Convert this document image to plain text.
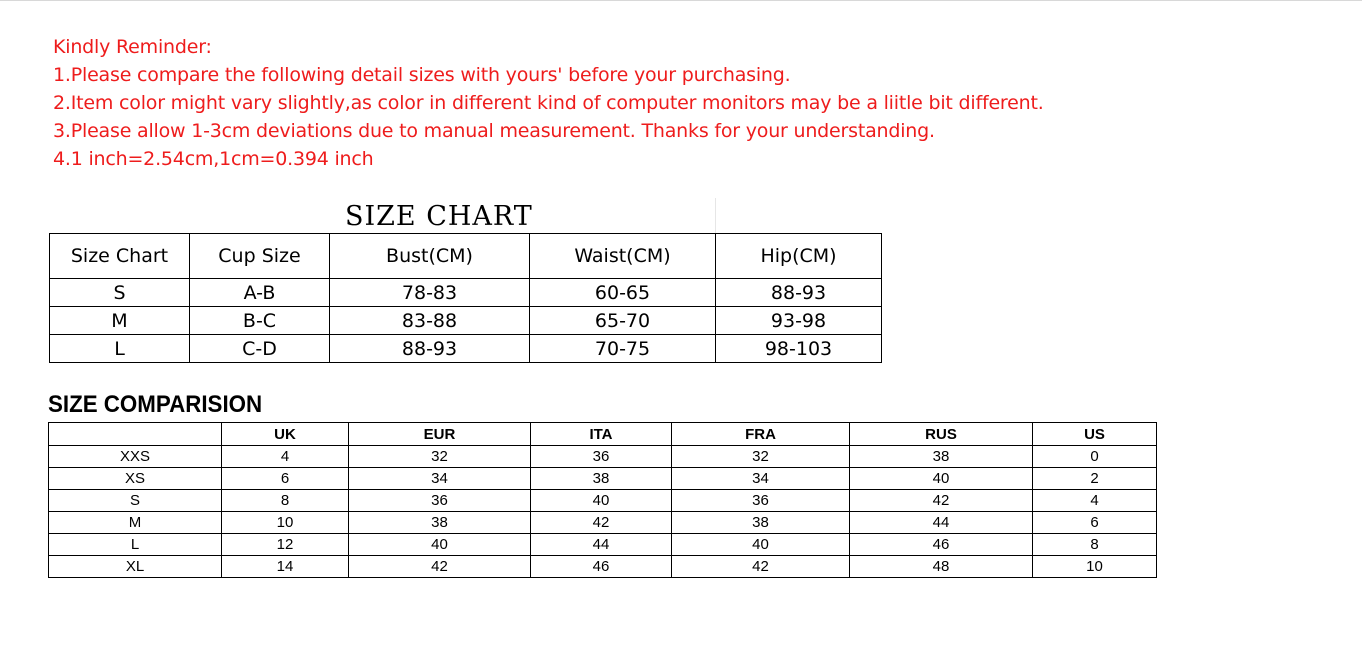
Kindly Reminder:
1.Please compare the following detail sizes with yours' before your purchasing.
2.Item color might vary slightly,as color in different kind of computer monitors may be a liitle bit different.
3.Please allow 1-3cm deviations due to manual measurement. Thanks for your understanding.
4.1 inch=2.54cm,1cm=0.394 inch
SIZE CHART
Size Chart	Cup Size	Bust(CM)	Waist(CM)	Hip(CM)
S	A-B	78-83	60-65	88-93
M	B-C	83-88	65-70	93-98
L	C-D	88-93	70-75	98-103
SIZE COMPARISION
	UK	EUR	ITA	FRA	RUS	US
XXS	4	32	36	32	38	0
XS	6	34	38	34	40	2
S	8	36	40	36	42	4
M	10	38	42	38	44	6
L	12	40	44	40	46	8
XL	14	42	46	42	48	10
